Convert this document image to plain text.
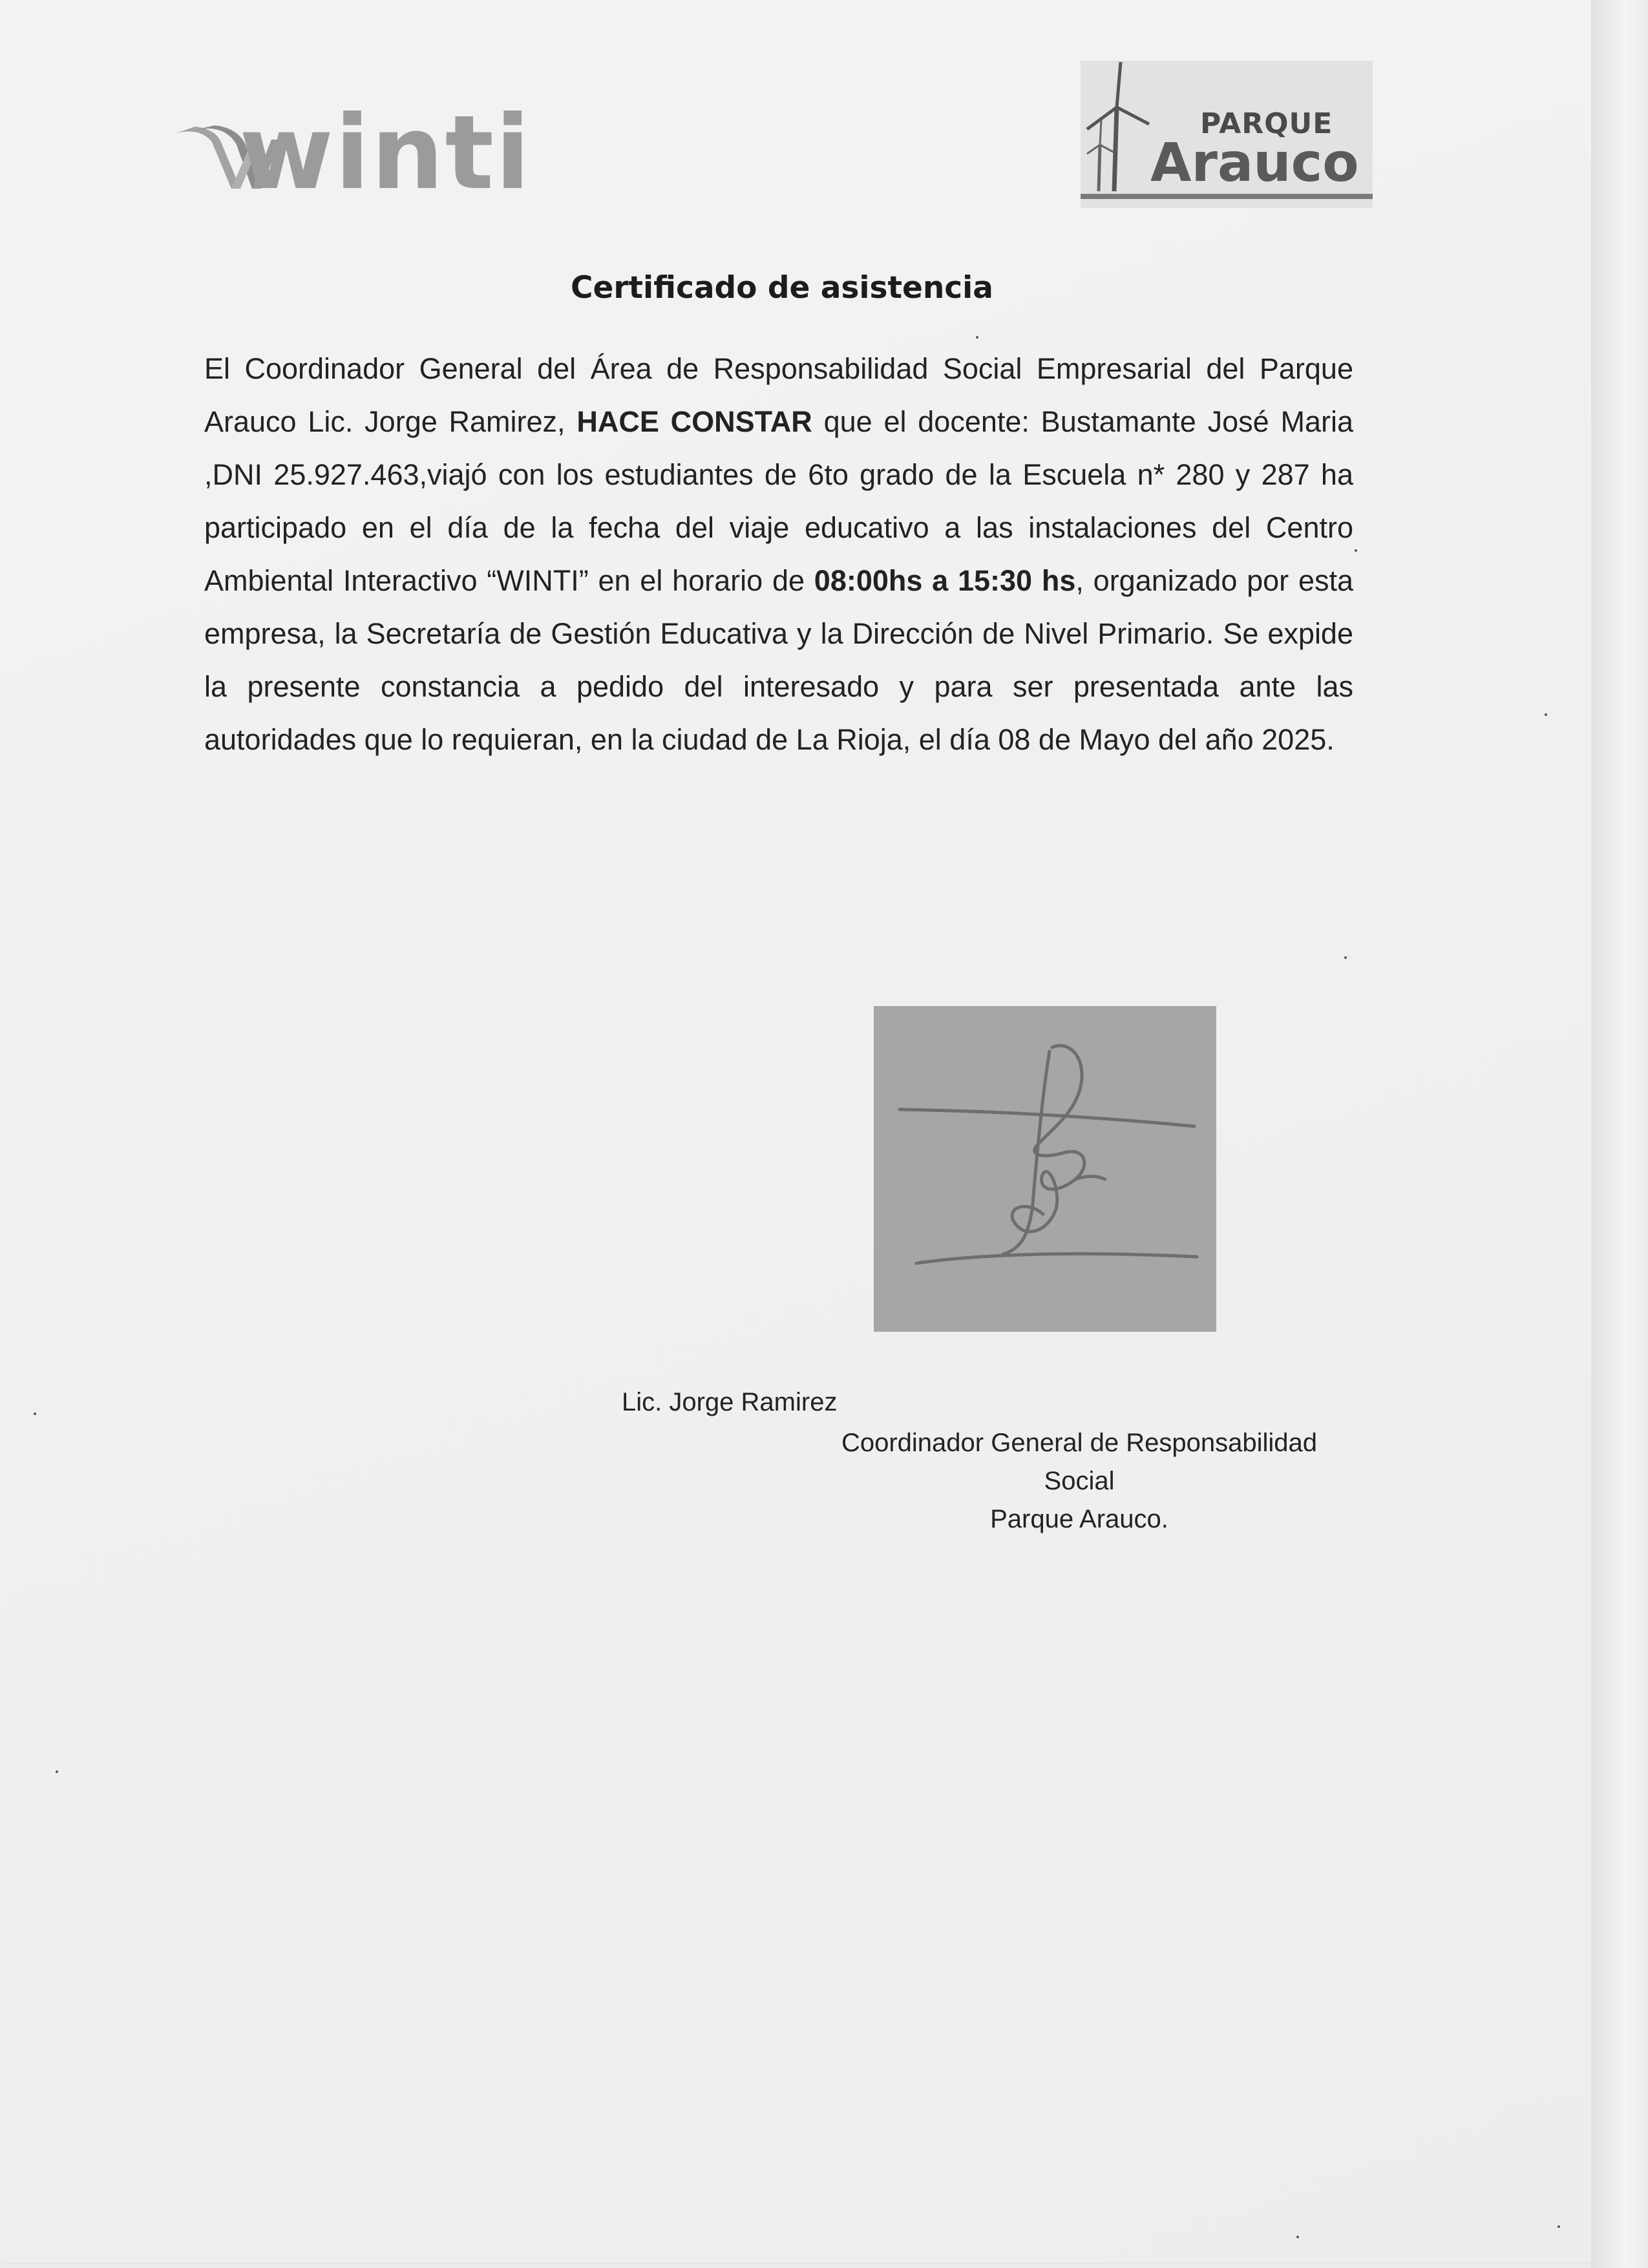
winti	PARQUE
Arauco
Certificado de asistencia
El Coordinador General del Área de Responsabilidad Social Empresarial del Parque Arauco Lic. Jorge Ramirez, HACE CONSTAR que el docente: Bustamante José Maria ,DNI 25.927.463,viajó con los estudiantes de 6to grado de la Escuela n* 280 y 287 ha participado en el día de la fecha del viaje educativo a las instalaciones del Centro Ambiental Interactivo “WINTI” en el horario de 08:00hs a 15:30 hs, organizado por esta empresa, la Secretaría de Gestión Educativa y la Dirección de Nivel Primario. Se expide la presente constancia a pedido del interesado y para ser presentada ante las autoridades que lo requieran, en la ciudad de La Rioja, el día 08 de Mayo del año 2025.
Lic. Jorge Ramirez
Coordinador General de Responsabilidad
Social
Parque Arauco.
